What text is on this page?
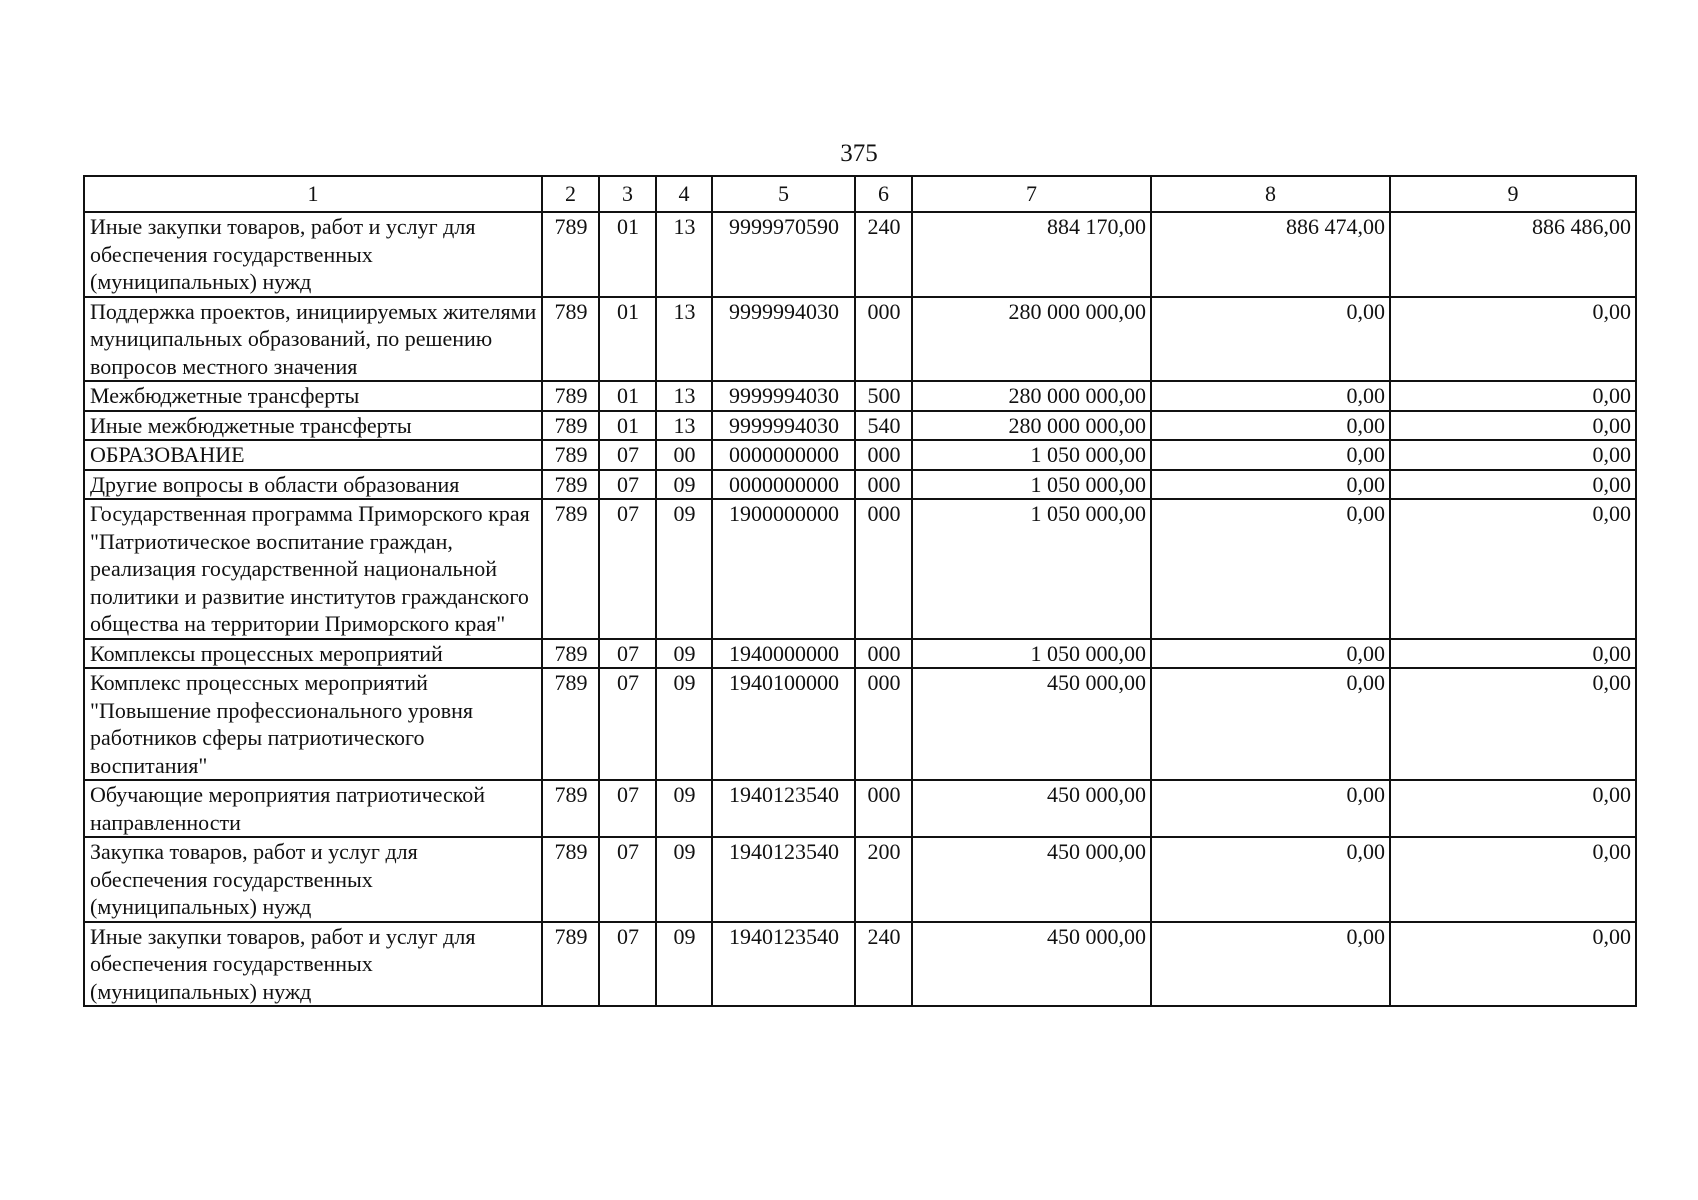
375
1	2	3	4	5	6	7	8	9
Иные закупки товаров, работ и услуг для обеспечения государственных (муниципальных) нужд	789	01	13	9999970590	240	884 170,00	886 474,00	886 486,00
Поддержка проектов, инициируемых жителями муниципальных образований, по решению вопросов местного значения	789	01	13	9999994030	000	280 000 000,00	0,00	0,00
Межбюджетные трансферты	789	01	13	9999994030	500	280 000 000,00	0,00	0,00
Иные межбюджетные трансферты	789	01	13	9999994030	540	280 000 000,00	0,00	0,00
ОБРАЗОВАНИЕ	789	07	00	0000000000	000	1 050 000,00	0,00	0,00
Другие вопросы в области образования	789	07	09	0000000000	000	1 050 000,00	0,00	0,00
Государственная программа Приморского края "Патриотическое воспитание граждан, реализация государственной национальной политики и развитие институтов гражданского общества на территории Приморского края"	789	07	09	1900000000	000	1 050 000,00	0,00	0,00
Комплексы процессных мероприятий	789	07	09	1940000000	000	1 050 000,00	0,00	0,00
Комплекс процессных мероприятий "Повышение профессионального уровня работников сферы патриотического воспитания"	789	07	09	1940100000	000	450 000,00	0,00	0,00
Обучающие мероприятия патриотической направленности	789	07	09	1940123540	000	450 000,00	0,00	0,00
Закупка товаров, работ и услуг для обеспечения государственных (муниципальных) нужд	789	07	09	1940123540	200	450 000,00	0,00	0,00
Иные закупки товаров, работ и услуг для обеспечения государственных (муниципальных) нужд	789	07	09	1940123540	240	450 000,00	0,00	0,00
